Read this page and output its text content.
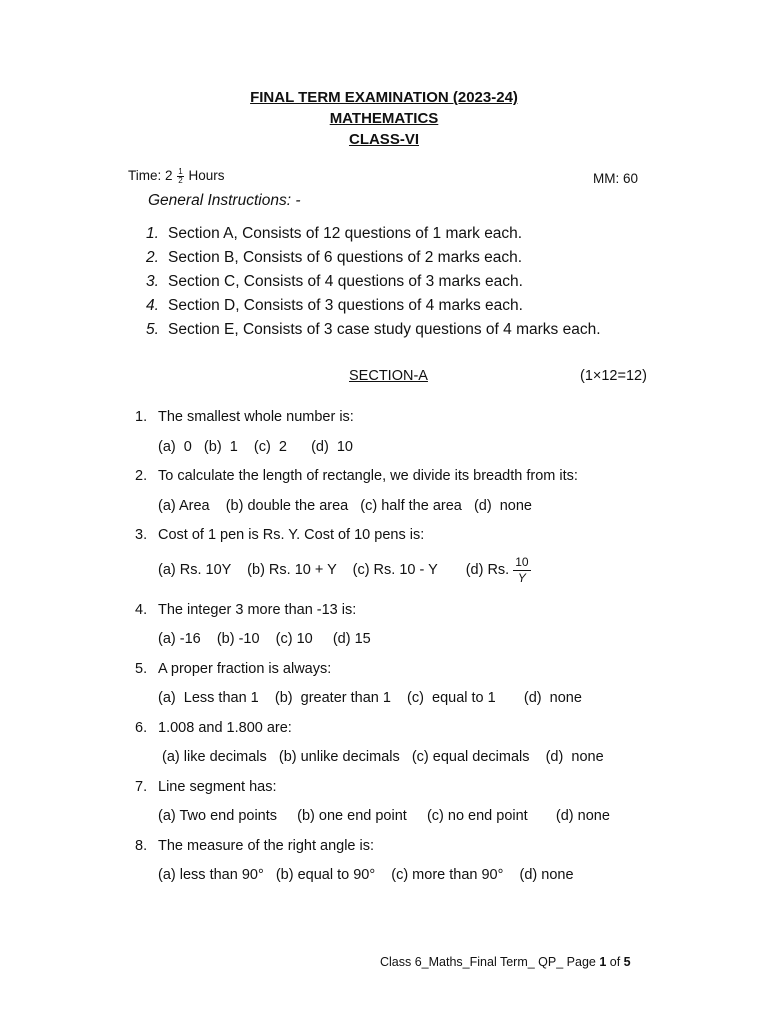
FINAL TERM EXAMINATION (2023-24)
MATHEMATICS
CLASS-VI
Time: $2 \frac{1}{2}$ Hours	MM: 60
General Instructions: -
1. Section A, Consists of 12 questions of 1 mark each.
2. Section B, Consists of 6 questions of 2 marks each.
3. Section C, Consists of 4 questions of 3 marks each.
4. Section D, Consists of 3 questions of 4 marks each.
5. Section E, Consists of 3 case study questions of 4 marks each.
SECTION-A	(1×12=12)
1. The smallest whole number is:
(a)  0   (b)  1    (c)  2      (d)  10
2. To calculate the length of rectangle, we divide its breadth from its:
(a) Area    (b) double the area   (c) half the area   (d)  none
3. Cost of 1 pen is Rs. Y. Cost of 10 pens is:
(a) Rs. 10Y    (b) Rs. 10 + Y    (c) Rs. 10 - Y       (d) Rs. $\frac{10}{Y}$
4. The integer 3 more than -13 is:
(a) -16    (b) -10    (c) 10     (d) 15
5. A proper fraction is always:
(a)  Less than 1    (b)  greater than 1    (c)  equal to 1       (d)  none
6. 1.008 and 1.800 are:
(a) like decimals   (b) unlike decimals   (c) equal decimals    (d)  none
7. Line segment has:
(a) Two end points     (b) one end point     (c) no end point       (d) none
8. The measure of the right angle is:
(a) less than 90°   (b) equal to 90°    (c) more than 90°    (d) none
Class 6_Maths_Final Term_ QP_ Page 1 of 5
